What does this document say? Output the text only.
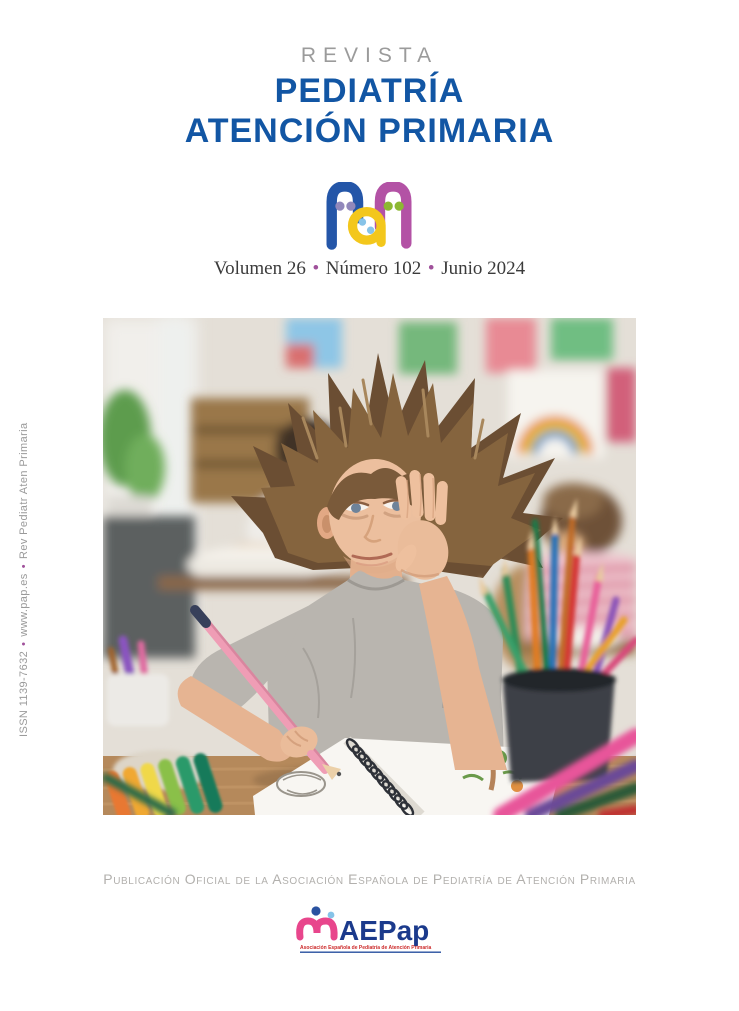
REVISTA
PEDIATRÍA
ATENCIÓN PRIMARIA
Volumen 26 • Número 102 • Junio 2024
ISSN 1139-7632•www.pap.es•Rev Pediatr Aten Primaria
Publicación Oficial de la Asociación Española de Pediatría de Atención Primaria
AEPap
Asociación Española de Pediatría de Atención Primaria
